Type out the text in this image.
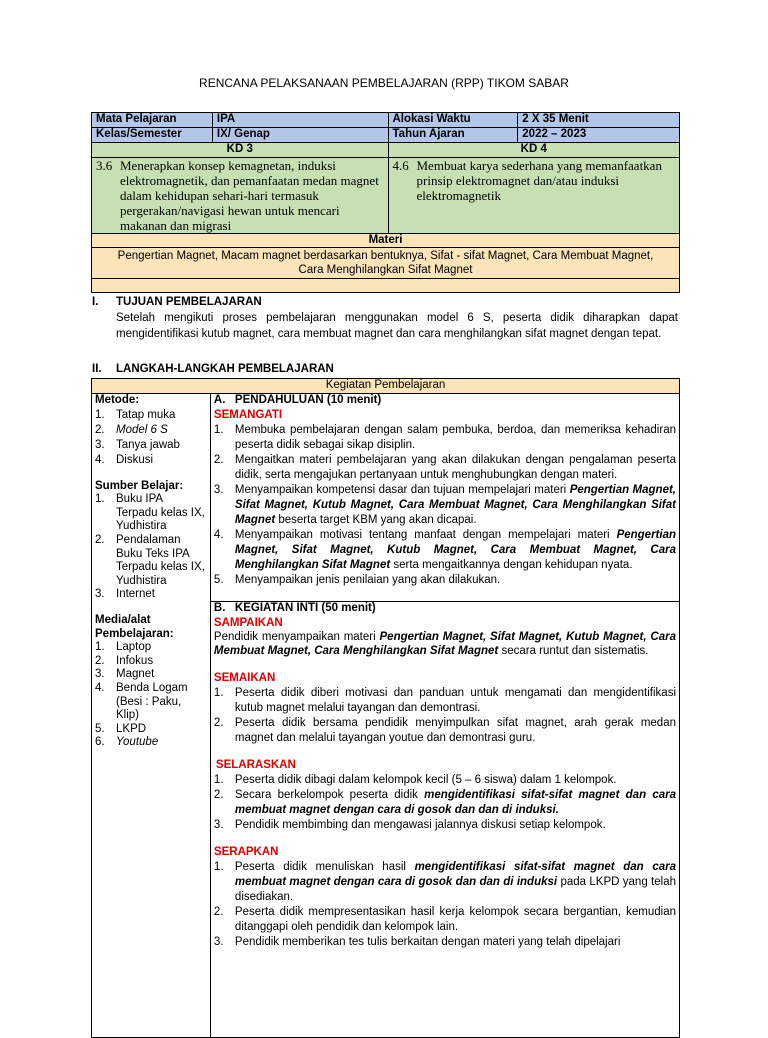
RENCANA PELAKSANAAN PEMBELAJARAN (RPP) TIKOM SABAR
Mata Pelajaran	IPA	Alokasi Waktu	2 X 35 Menit
Kelas/Semester	IX/ Genap	Tahun Ajaran	2022 – 2023
KD 3		KD 4	

3.6 Menerapkan konsep kemagnetan, induksi elektromagnetik, dan pemanfaatan medan magnet dalam kehidupan sehari-hari termasuk pergerakan/navigasi hewan untuk mencari makanan dan migrasi		4.6 Membuat karya sederhana yang memanfaatkan prinsip elektromagnet dan/atau induksi elektromagnetik	

Materi			
Pengertian Magnet, Macam magnet berdasarkan bentuknya, Sifat - sifat Magnet, Cara Membuat Magnet, Cara Menghilangkan Sifat Magnet			

I. TUJUAN PEMBELAJARAN
Setelah mengikuti proses pembelajaran menggunakan model 6 S, peserta didik diharapkan dapat mengidentifikasi kutub magnet, cara membuat magnet dan cara menghilangkan sifat magnet dengan tepat.
II. LANGKAH-LANGKAH PEMBELAJARAN
Kegiatan Pembelajaran

Metode:
1. Tatap muka
2. Model 6 S
3. Tanya jawab
4. Diskusi
Sumber Belajar:
1. Buku IPA Terpadu kelas IX, Yudhistira
2. Pendalaman Buku Teks IPA Terpadu kelas IX, Yudhistira
3. Internet
Media/alat
Pembelajaran:
1. Laptop
2. Infokus
3. Magnet
4. Benda Logam (Besi : Paku, Klip)
5. LKPD
6. Youtube

A. PENDAHULUAN (10 menit)
SEMANGATI
1. Membuka pembelajaran dengan salam pembuka, berdoa, dan memeriksa kehadiran peserta didik sebagai sikap disiplin.
2. Mengaitkan materi pembelajaran yang akan dilakukan dengan pengalaman peserta didik, serta mengajukan pertanyaan untuk menghubungkan dengan materi.
3. Menyampaikan kompetensi dasar dan tujuan mempelajari materi Pengertian Magnet, Sifat Magnet, Kutub Magnet, Cara Membuat Magnet, Cara Menghilangkan Sifat Magnet beserta target KBM yang akan dicapai.
4. Menyampaikan motivasi tentang manfaat dengan mempelajari materi Pengertian Magnet, Sifat Magnet, Kutub Magnet, Cara Membuat Magnet, Cara Menghilangkan Sifat Magnet serta mengaitkannya dengan kehidupan nyata.
5. Menyampaikan jenis penilaian yang akan dilakukan.

B. KEGIATAN INTI (50 menit)
SAMPAIKAN
Pendidik menyampaikan materi Pengertian Magnet, Sifat Magnet, Kutub Magnet, Cara Membuat Magnet, Cara Menghilangkan Sifat Magnet secara runtut dan sistematis.
SEMAIKAN
1. Peserta didik diberi motivasi dan panduan untuk mengamati dan mengidentifikasi kutub magnet melalui tayangan dan demontrasi.
2. Peserta didik bersama pendidik menyimpulkan sifat magnet, arah gerak medan magnet dan melalui tayangan youtue dan demontrasi guru.
SELARASKAN
1. Peserta didik dibagi dalam kelompok kecil (5 – 6 siswa) dalam 1 kelompok.
2. Secara berkelompok peserta didik mengidentifikasi sifat-sifat magnet dan cara membuat magnet dengan cara di gosok dan dan di induksi.
3. Pendidik membimbing dan mengawasi jalannya diskusi setiap kelompok.
SERAPKAN
1. Peserta didik menuliskan hasil mengidentifikasi sifat-sifat magnet dan cara membuat magnet dengan cara di gosok dan dan di induksi pada LKPD yang telah disediakan.
2. Peserta didik mempresentasikan hasil kerja kelompok secara bergantian, kemudian ditanggapi oleh pendidik dan kelompok lain.
3. Pendidik memberikan tes tulis berkaitan dengan materi yang telah dipelajari
